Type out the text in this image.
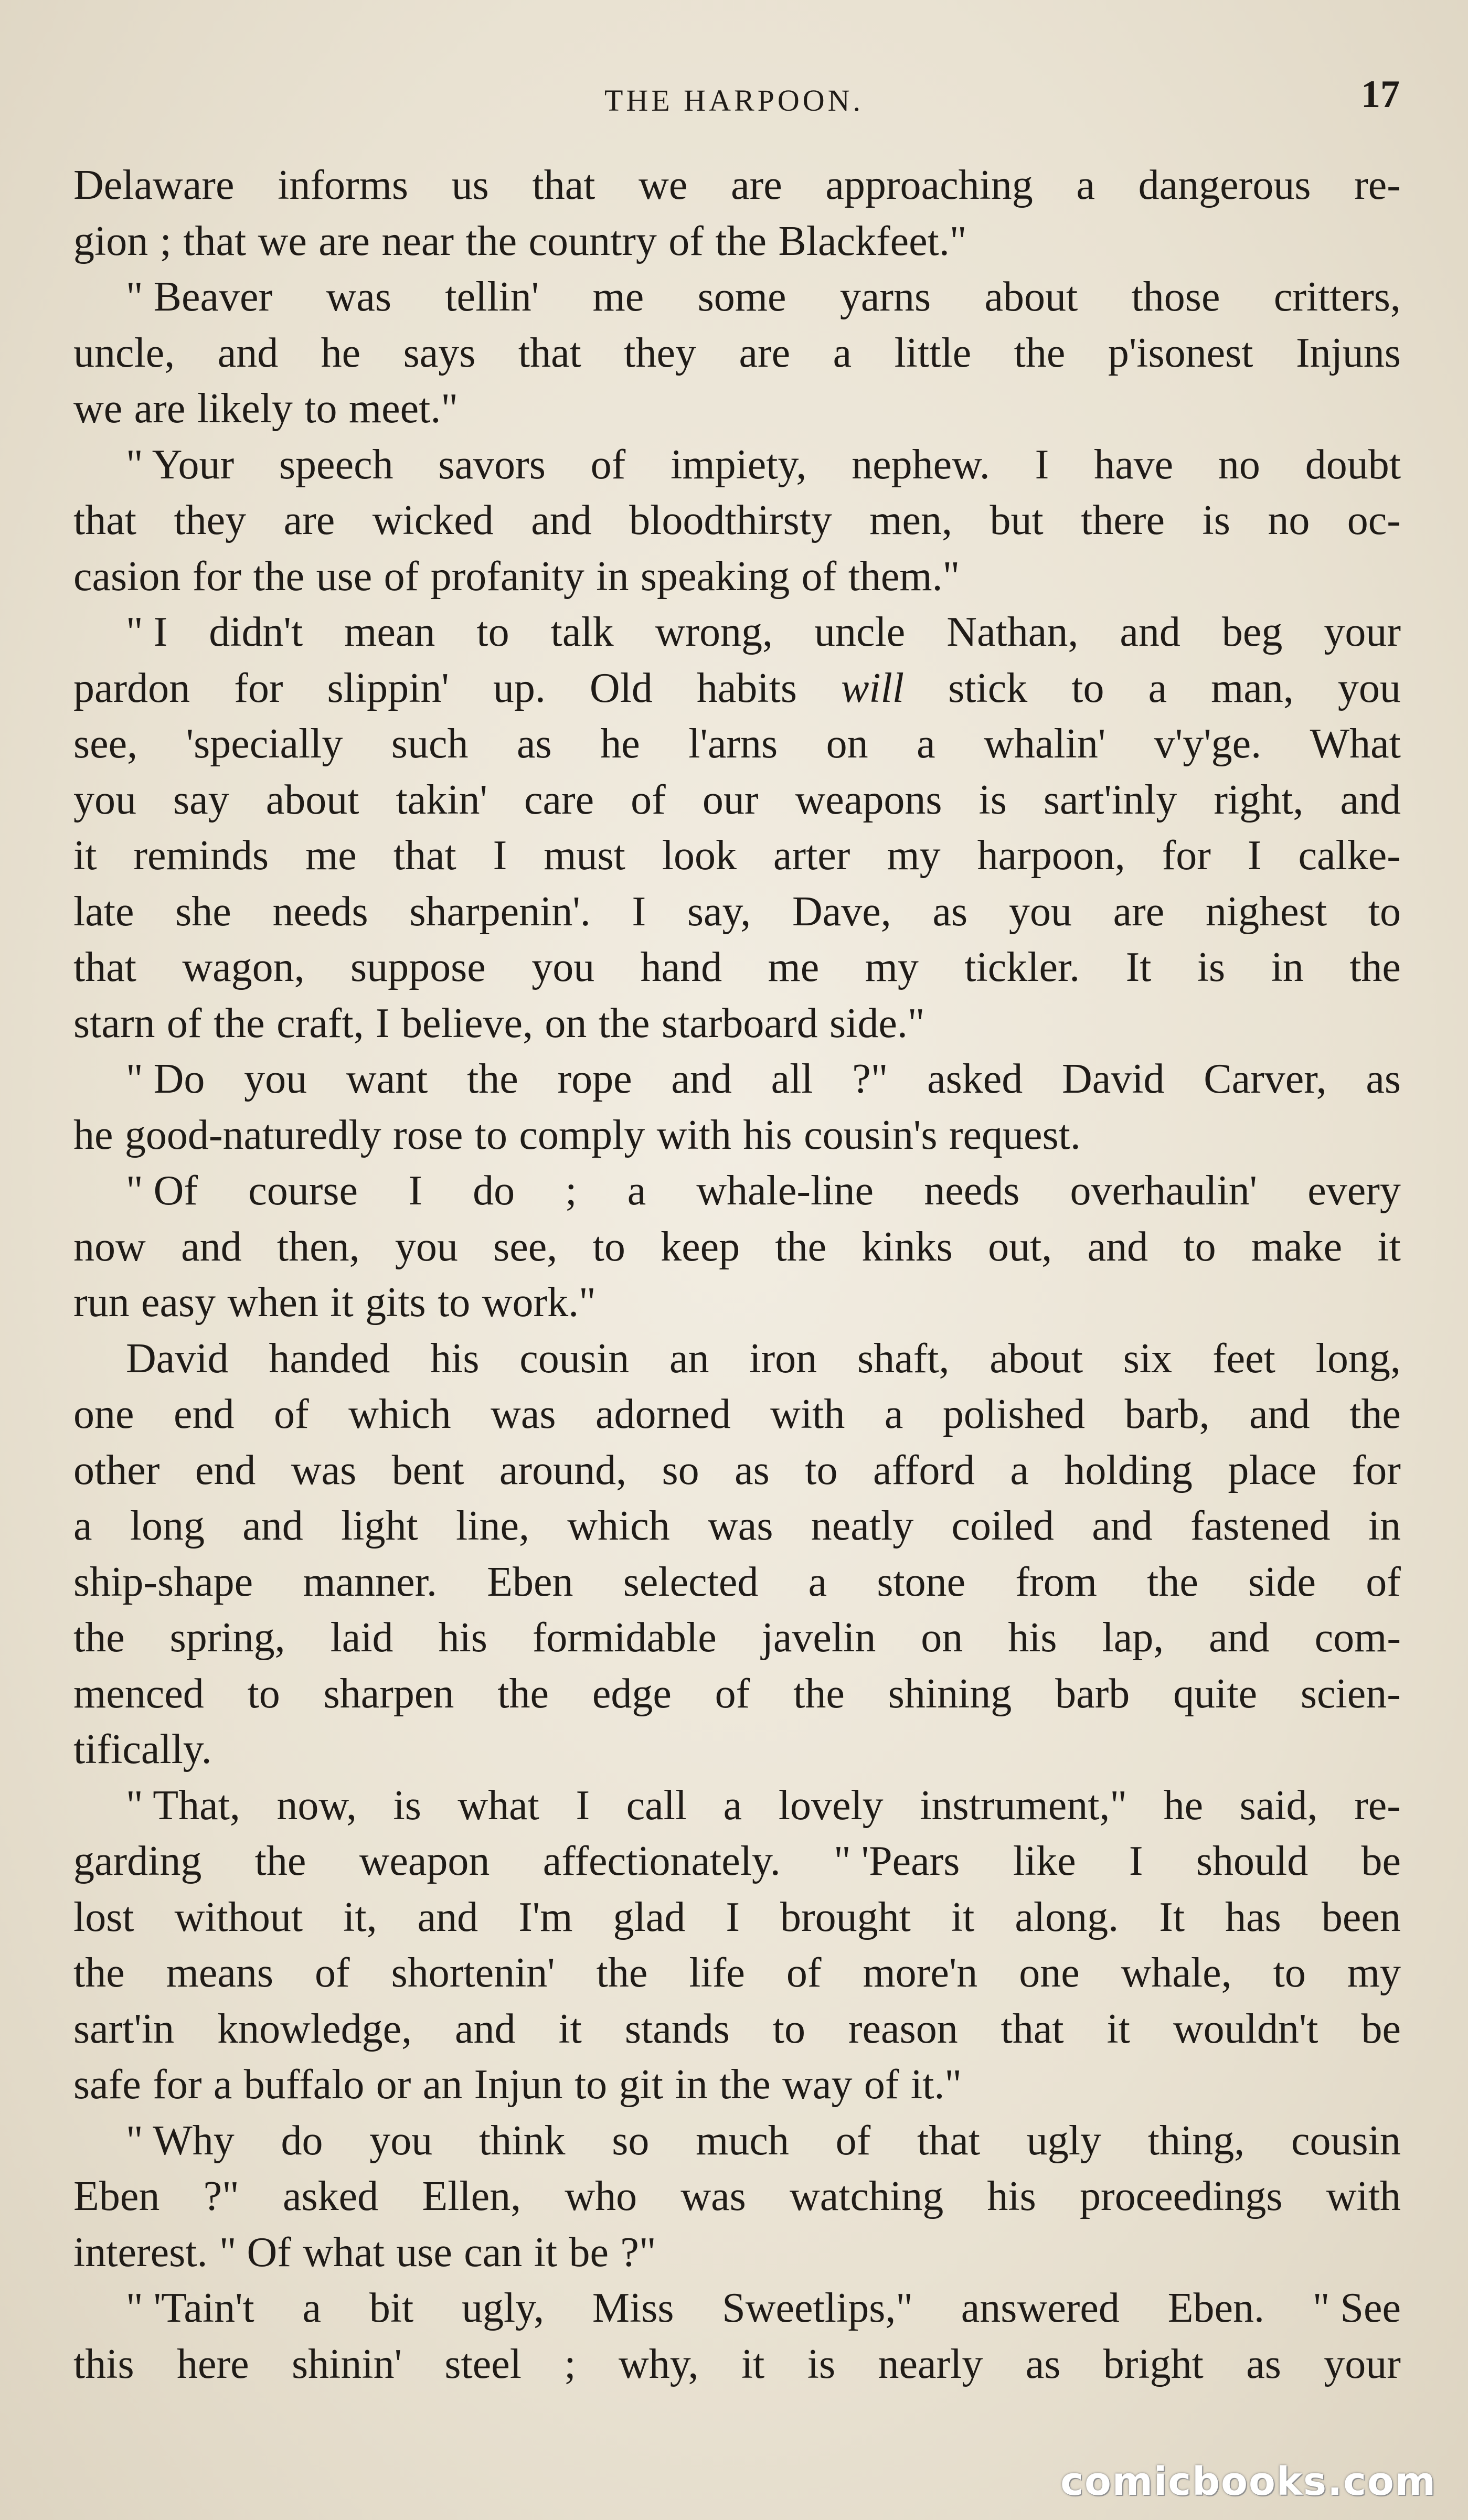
THE HARPOON.	17
Delaware informs us that we are approaching a dangerous re-
gion ; that we are near the country of the Blackfeet."
" Beaver was tellin' me some yarns about those critters,
uncle, and he says that they are a little the p'isonest Injuns
we are likely to meet."
" Your speech savors of impiety, nephew. I have no doubt
that they are wicked and bloodthirsty men, but there is no oc-
casion for the use of profanity in speaking of them."
" I didn't mean to talk wrong, uncle Nathan, and beg your
pardon for slippin' up. Old habits will stick to a man, you
see, 'specially such as he l'arns on a whalin' v'y'ge. What
you say about takin' care of our weapons is sart'inly right, and
it reminds me that I must look arter my harpoon, for I calke-
late she needs sharpenin'. I say, Dave, as you are nighest to
that wagon, suppose you hand me my tickler. It is in the
starn of the craft, I believe, on the starboard side."
" Do you want the rope and all ?" asked David Carver, as
he good-naturedly rose to comply with his cousin's request.
" Of course I do ; a whale-line needs overhaulin' every
now and then, you see, to keep the kinks out, and to make it
run easy when it gits to work."
David handed his cousin an iron shaft, about six feet long,
one end of which was adorned with a polished barb, and the
other end was bent around, so as to afford a holding place for
a long and light line, which was neatly coiled and fastened in
ship-shape manner. Eben selected a stone from the side of
the spring, laid his formidable javelin on his lap, and com-
menced to sharpen the edge of the shining barb quite scien-
tifically.
" That, now, is what I call a lovely instrument," he said, re-
garding the weapon affectionately. " 'Pears like I should be
lost without it, and I'm glad I brought it along. It has been
the means of shortenin' the life of more'n one whale, to my
sart'in knowledge, and it stands to reason that it wouldn't be
safe for a buffalo or an Injun to git in the way of it."
" Why do you think so much of that ugly thing, cousin
Eben ?" asked Ellen, who was watching his proceedings with
interest. " Of what use can it be ?"
" 'Tain't a bit ugly, Miss Sweetlips," answered Eben. " See
this here shinin' steel ; why, it is nearly as bright as your
comicbooks.com
